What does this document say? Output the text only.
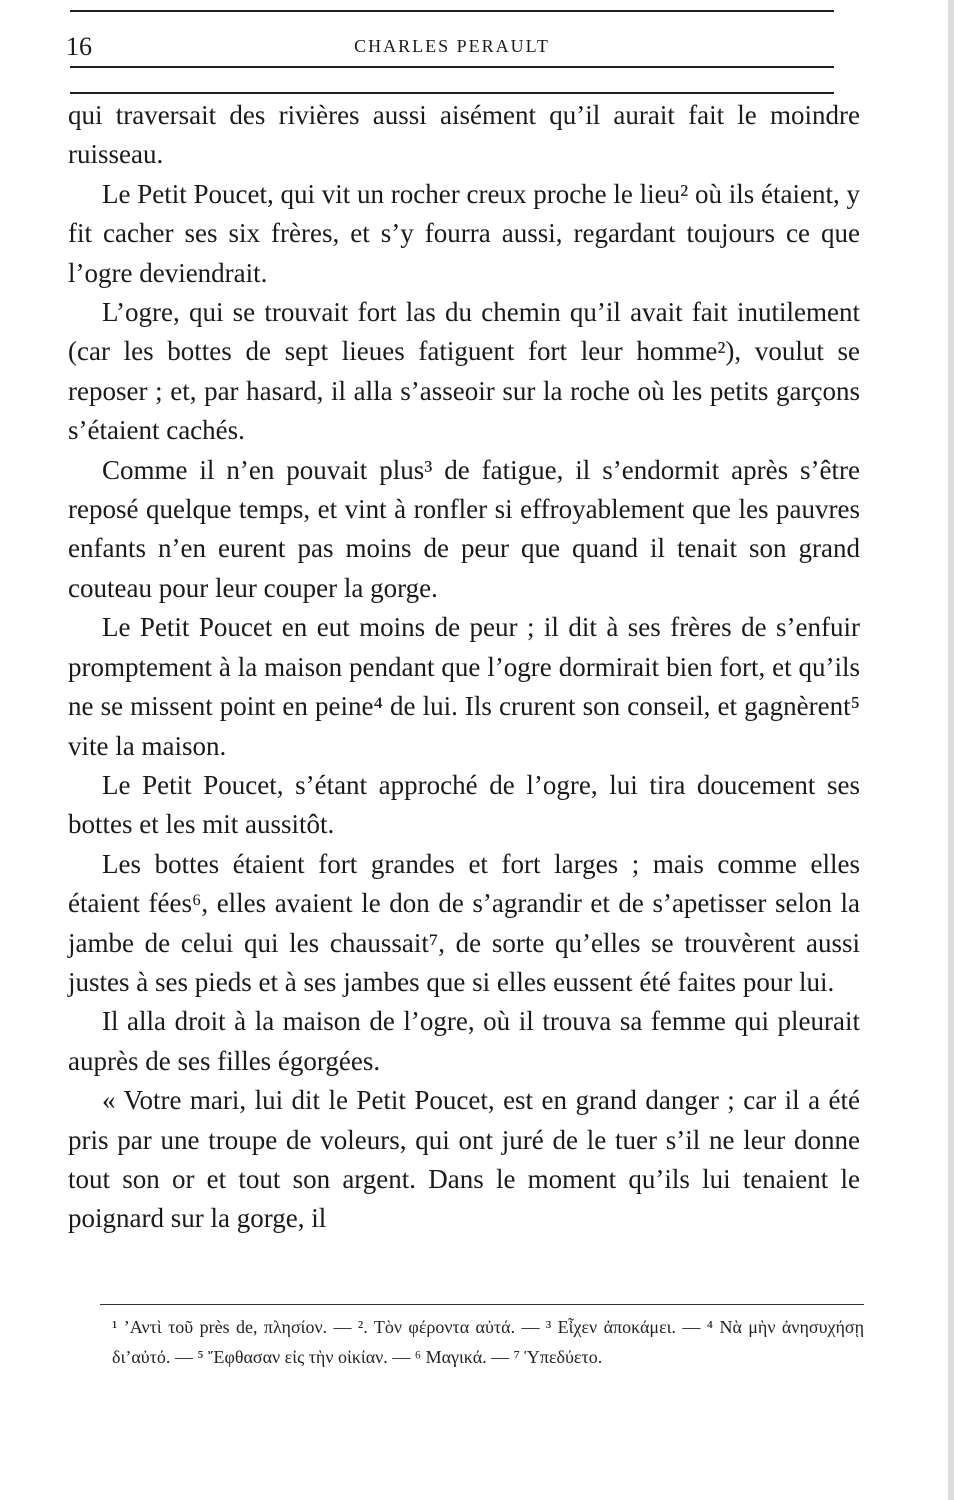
16	CHARLES PERAULT

qui traversait des rivières aussi aisément qu’il aurait fait le moindre ruisseau.

Le Petit Poucet, qui vit un rocher creux proche le lieu² où ils étaient, y fit cacher ses six frères, et s’y fourra aussi, regardant toujours ce que l’ogre deviendrait.

L’ogre, qui se trouvait fort las du chemin qu’il avait fait inutilement (car les bottes de sept lieues fatiguent fort leur homme²), voulut se reposer ; et, par hasard, il alla s’asseoir sur la roche où les petits garçons s’étaient cachés.

Comme il n’en pouvait plus³ de fatigue, il s’endormit après s’être reposé quelque temps, et vint à ronfler si effroyablement que les pauvres enfants n’en eurent pas moins de peur que quand il tenait son grand couteau pour leur couper la gorge.

Le Petit Poucet en eut moins de peur ; il dit à ses frères de s’enfuir promptement à la maison pendant que l’ogre dormirait bien fort, et qu’ils ne se missent point en peine⁴ de lui. Ils crurent son conseil, et gagnèrent⁵ vite la maison.

Le Petit Poucet, s’étant approché de l’ogre, lui tira doucement ses bottes et les mit aussitôt.

Les bottes étaient fort grandes et fort larges ; mais comme elles étaient fées⁶, elles avaient le don de s’agrandir et de s’apetisser selon la jambe de celui qui les chaussait⁷, de sorte qu’elles se trouvèrent aussi justes à ses pieds et à ses jambes que si elles eussent été faites pour lui.

Il alla droit à la maison de l’ogre, où il trouva sa femme qui pleurait auprès de ses filles égorgées.

« Votre mari, lui dit le Petit Poucet, est en grand danger ; car il a été pris par une troupe de voleurs, qui ont juré de le tuer s’il ne leur donne tout son or et tout son argent. Dans le moment qu’ils lui tenaient le poignard sur la gorge, il

¹ ’Αντὶ τοῦ près de, πλησίον. — ². Τὸν φέροντα αὐτά. — ³ Εἶχεν ἀποκάμει. — ⁴ Νὰ μὴν ἀνησυχήσῃ δι’αὐτό. — ⁵ Ἔφθασαν εἰς τὴν οἰκίαν. — ⁶ Μαγικά. — ⁷ Ὑπεδύετο.
